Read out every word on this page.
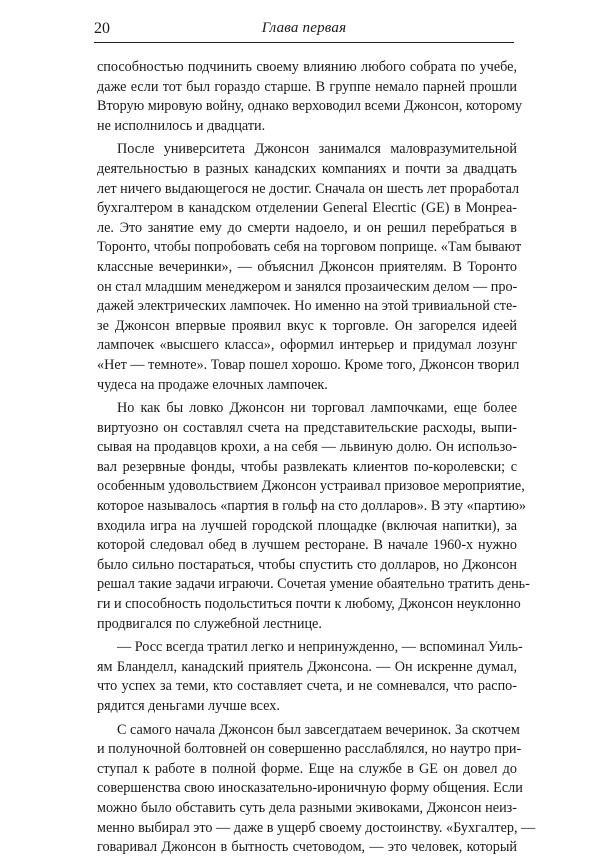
20	Глава первая
способностью подчинить своему влиянию любого собрата по учебе,
даже если тот был гораздо старше. В группе немало парней прошли
Вторую мировую войну, однако верховодил всеми Джонсон, которому
не исполнилось и двадцати.
После университета Джонсон занимался маловразумительной
деятельностью в разных канадских компаниях и почти за двадцать
лет ничего выдающегося не достиг. Сначала он шесть лет проработал
бухгалтером в канадском отделении General Elecrtic (GE) в Монреа-
ле. Это занятие ему до смерти надоело, и он решил перебраться в
Торонто, чтобы попробовать себя на торговом поприще. «Там бывают
классные вечеринки», — объяснил Джонсон приятелям. В Торонто
он стал младшим менеджером и занялся прозаическим делом — про-
дажей электрических лампочек. Но именно на этой тривиальной сте-
зе Джонсон впервые проявил вкус к торговле. Он загорелся идеей
лампочек «высшего класса», оформил интерьер и придумал лозунг
«Нет — темноте». Товар пошел хорошо. Кроме того, Джонсон творил
чудеса на продаже елочных лампочек.
Но как бы ловко Джонсон ни торговал лампочками, еще более
виртуозно он составлял счета на представительские расходы, выпи-
сывая на продавцов крохи, а на себя — львиную долю. Он использо-
вал резервные фонды, чтобы развлекать клиентов по-королевски; с
особенным удовольствием Джонсон устраивал призовое мероприятие,
которое называлось «партия в гольф на сто долларов». В эту «партию»
входила игра на лучшей городской площадке (включая напитки), за
которой следовал обед в лучшем ресторане. В начале 1960-х нужно
было сильно постараться, чтобы спустить сто долларов, но Джонсон
решал такие задачи играючи. Сочетая умение обаятельно тратить день-
ги и способность подольститься почти к любому, Джонсон неуклонно
продвигался по служебной лестнице.
— Росс всегда тратил легко и непринужденно, — вспоминал Уиль-
ям Бланделл, канадский приятель Джонсона. — Он искренне думал,
что успех за теми, кто составляет счета, и не сомневался, что распо-
рядится деньгами лучше всех.
С самого начала Джонсон был завсегдатаем вечеринок. За скотчем
и полуночной болтовней он совершенно расслаблялся, но наутро при-
ступал к работе в полной форме. Еще на службе в GE он довел до
совершенства свою иносказательно-ироничную форму общения. Если
можно было обставить суть дела разными экивоками, Джонсон неиз-
менно выбирал это — даже в ущерб своему достоинству. «Бухгалтер, —
говаривал Джонсон в бытность счетоводом, — это человек, который
